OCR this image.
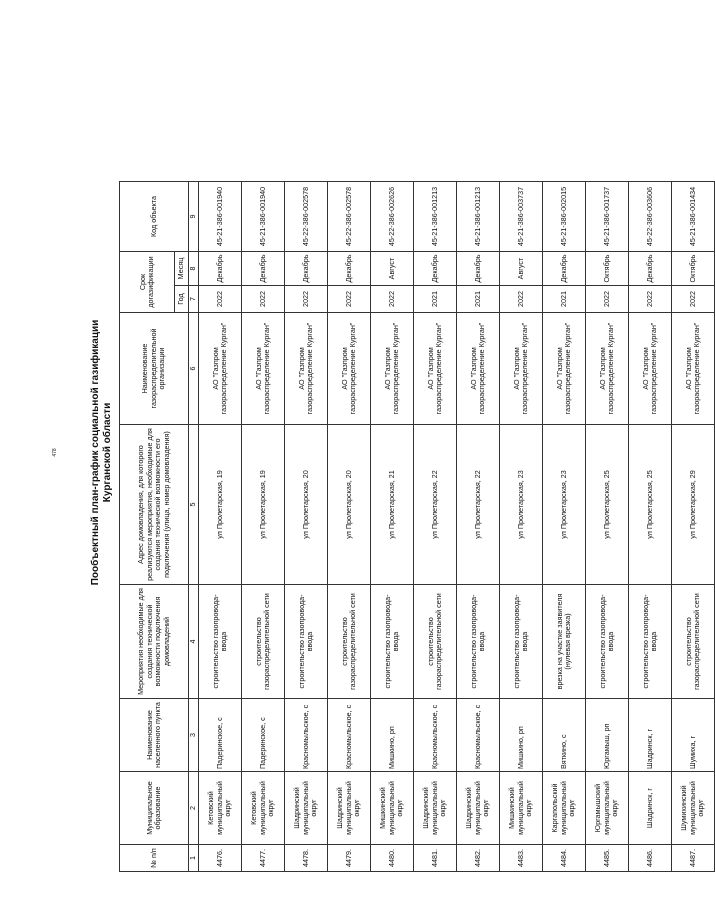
478	Пообъектный план-график социальной газификации Курганской области
№ п/п	Муниципальное образование	Наименование населенного пункта	Мероприятия необходимые для создания технической возможности подключения домовладений	Адрес домовладения, для которого реализуются мероприятия, необходимые для создания технической возможности его подключения (улица, номер домовладения)	Наименование газораспределительной организации	Срок догазификации		Код объекта
						Год	Месяц	
1	2	3	4	5	6	7	8	9
4476.	Кетовский муниципальный округ	Падеринское, с	строительство газопровода-ввода	ул Пролетарская, 19	АО "Газпром газораспределение Курган"	2022	Декабрь	45-21-386-001940
4477.	Кетовский муниципальный округ	Падеринское, с	строительство газораспределительной сети	ул Пролетарская, 19	АО "Газпром газораспределение Курган"	2022	Декабрь	45-21-386-001940
4478.	Шадринский муниципальный округ	Красномыльское, с	строительство газопровода-ввода	ул Пролетарская, 20	АО "Газпром газораспределение Курган"	2022	Декабрь	45-22-386-002578
4479.	Шадринский муниципальный округ	Красномыльское, с	строительство газораспределительной сети	ул Пролетарская, 20	АО "Газпром газораспределение Курган"	2022	Декабрь	45-22-386-002578
4480.	Мишкинский муниципальный округ	Мишкино, рп	строительство газопровода-ввода	ул Пролетарская, 21	АО "Газпром газораспределение Курган"	2022	Август	45-22-386-002626
4481.	Шадринский муниципальный округ	Красномыльское, с	строительство газораспределительной сети	ул Пролетарская, 22	АО "Газпром газораспределение Курган"	2021	Декабрь	45-21-386-001213
4482.	Шадринский муниципальный округ	Красномыльское, с	строительство газопровода-ввода	ул Пролетарская, 22	АО "Газпром газораспределение Курган"	2021	Декабрь	45-21-386-001213
4483.	Мишкинский муниципальный округ	Мишкино, рп	строительство газопровода-ввода	ул Пролетарская, 23	АО "Газпром газораспределение Курган"	2022	Август	45-21-386-003737
4484.	Каргапольский муниципальный округ	Вяткино, с	врезка на участке заявителя (нулевая врезка)	ул Пролетарская, 23	АО "Газпром газораспределение Курган"	2021	Декабрь	45-21-386-002015
4485.	Юргамышский муниципальный округ	Юргамыш, рп	строительство газопровода-ввода	ул Пролетарская, 25	АО "Газпром газораспределение Курган"	2022	Октябрь	45-21-386-001737
4486.	Шадринск, г	Шадринск, г	строительство газопровода-ввода	ул Пролетарская, 25	АО "Газпром газораспределение Курган"	2022	Декабрь	45-22-386-003606
4487.	Шумихинский муниципальный округ	Шумиха, г	строительство газораспределительной сети	ул Пролетарская, 29	АО "Газпром газораспределение Курган"	2022	Октябрь	45-21-386-001434
